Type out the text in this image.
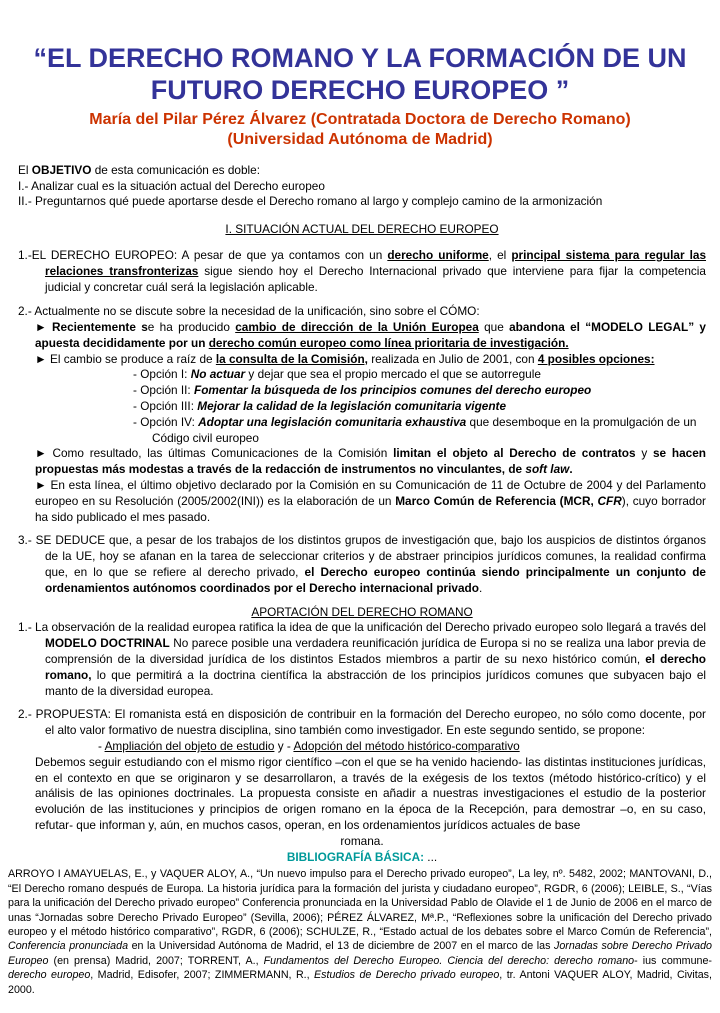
“EL DERECHO ROMANO Y LA FORMACIÓN DE UN
FUTURO DERECHO EUROPEO ”
María del Pilar Pérez Álvarez (Contratada Doctora de Derecho Romano)
(Universidad Autónoma de Madrid)

El OBJETIVO de esta comunicación es doble:

I.- Analizar cual es la situación actual del Derecho europeo

II.- Preguntarnos qué puede aportarse desde el Derecho romano al largo y complejo camino de la armonización

I. SITUACIÓN ACTUAL DEL DERECHO EUROPEO

1.-EL DERECHO EUROPEO: A pesar de que ya contamos con un derecho uniforme, el principal sistema para regular las relaciones transfronterizas sigue siendo hoy el Derecho Internacional privado que interviene para fijar la competencia judicial y concretar cuál será la legislación aplicable.

2.- Actualmente no se discute sobre la necesidad de la unificación, sino sobre el CÓMO:

► Recientemente se ha producido cambio de dirección de la Unión Europea que abandona el “MODELO LEGAL” y apuesta decididamente por un derecho común europeo como línea prioritaria de investigación.

► El cambio se produce a raíz de la consulta de la Comisión, realizada en Julio de 2001, con 4 posibles opciones:

- Opción I: No actuar y dejar que sea el propio mercado el que se autorregule

- Opción II: Fomentar la búsqueda de los principios comunes del derecho europeo

- Opción III: Mejorar la calidad de la legislación comunitaria vigente

- Opción IV: Adoptar una legislación comunitaria exhaustiva que desemboque en la promulgación de un Código civil europeo

► Como resultado, las últimas Comunicaciones de la Comisión limitan el objeto al Derecho de contratos y se hacen propuestas más modestas a través de la redacción de instrumentos no vinculantes, de soft law.

► En esta línea, el último objetivo declarado por la Comisión en su Comunicación de 11 de Octubre de 2004 y del Parlamento europeo en su Resolución (2005/2002(INI)) es la elaboración de un Marco Común de Referencia (MCR, CFR), cuyo borrador ha sido publicado el mes pasado.

3.- SE DEDUCE que, a pesar de los trabajos de los distintos grupos de investigación que, bajo los auspicios de distintos órganos de la UE, hoy se afanan en la tarea de seleccionar criterios y de abstraer principios jurídicos comunes, la realidad confirma que, en lo que se refiere al derecho privado, el Derecho europeo continúa siendo principalmente un conjunto de ordenamientos autónomos coordinados por el Derecho internacional privado.

APORTACIÓN DEL DERECHO ROMANO

1.- La observación de la realidad europea ratifica la idea de que la unificación del Derecho privado europeo solo llegará a través del MODELO DOCTRINAL No parece posible una verdadera reunificación jurídica de Europa si no se realiza una labor previa de comprensión de la diversidad jurídica de los distintos Estados miembros a partir de su nexo histórico común, el derecho romano, lo que permitirá a la doctrina científica la abstracción de los principios jurídicos comunes que subyacen bajo el manto de la diversidad europea.

2.- PROPUESTA: El romanista está en disposición de contribuir en la formación del Derecho europeo, no sólo como docente, por el alto valor formativo de nuestra disciplina, sino también como investigador. En este segundo sentido, se propone:

- Ampliación del objeto de estudio y - Adopción del método histórico-comparativo

Debemos seguir estudiando con el mismo rigor científico –con el que se ha venido haciendo- las distintas instituciones jurídicas, en el contexto en que se originaron y se desarrollaron, a través de la exégesis de los textos (método histórico-crítico) y el análisis de las opiniones doctrinales. La propuesta consiste en añadir a nuestras investigaciones el estudio de la posterior evolución de las instituciones y principios de origen romano en la época de la Recepción, para demostrar –o, en su caso, refutar- que informan y, aún, en muchos casos, operan, en los ordenamientos jurídicos actuales de base

romana.

BIBLIOGRAFÍA BÁSICA: ...

ARROYO I AMAYUELAS, E., y VAQUER ALOY, A., “Un nuevo impulso para el Derecho privado europeo”, La ley, nº. 5482, 2002; MANTOVANI, D., “El Derecho romano después de Europa. La historia jurídica para la formación del jurista y ciudadano europeo”, RGDR, 6 (2006); LEIBLE, S., “Vías para la unificación del Derecho privado europeo” Conferencia pronunciada en la Universidad Pablo de Olavide el 1 de Junio de 2006 en el marco de unas “Jornadas sobre Derecho Privado Europeo” (Sevilla, 2006); PÉREZ ÁLVAREZ, Mª.P., “Reflexiones sobre la unificación del Derecho privado europeo y el método histórico comparativo”, RGDR, 6 (2006); SCHULZE, R., “Estado actual de los debates sobre el Marco Común de Referencia”, Conferencia pronunciada en la Universidad Autónoma de Madrid, el 13 de diciembre de 2007 en el marco de las Jornadas sobre Derecho Privado Europeo (en prensa) Madrid, 2007; TORRENT, A., Fundamentos del Derecho Europeo. Ciencia del derecho: derecho romano- ius commune- derecho europeo, Madrid, Edisofer, 2007; ZIMMERMANN, R., Estudios de Derecho privado europeo, tr. Antoni VAQUER ALOY, Madrid, Civitas, 2000.
